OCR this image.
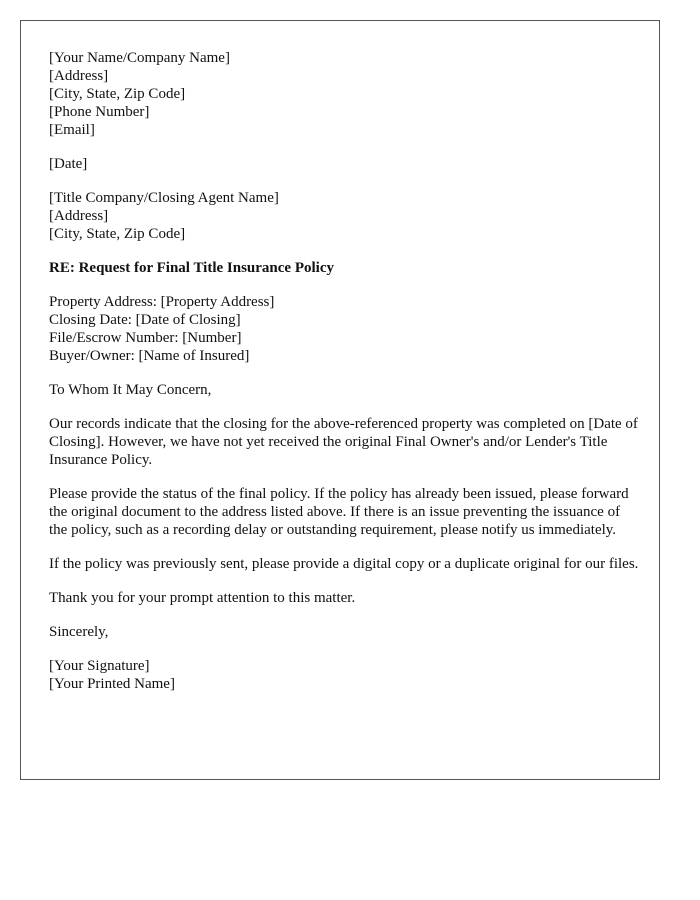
[Your Name/Company Name]
[Address]
[City, State, Zip Code]
[Phone Number]
[Email]
[Date]
[Title Company/Closing Agent Name]
[Address]
[City, State, Zip Code]
RE: Request for Final Title Insurance Policy
Property Address: [Property Address]
Closing Date: [Date of Closing]
File/Escrow Number: [Number]
Buyer/Owner: [Name of Insured]
To Whom It May Concern,

Our records indicate that the closing for the above-referenced property was completed on [Date of Closing]. However, we have not yet received the original Final Owner's and/or Lender's Title Insurance Policy.

Please provide the status of the final policy. If the policy has already been issued, please forward the original document to the address listed above. If there is an issue preventing the issuance of the policy, such as a recording delay or outstanding requirement, please notify us immediately.

If the policy was previously sent, please provide a digital copy or a duplicate original for our files.

Thank you for your prompt attention to this matter.

Sincerely,
[Your Signature]
[Your Printed Name]
